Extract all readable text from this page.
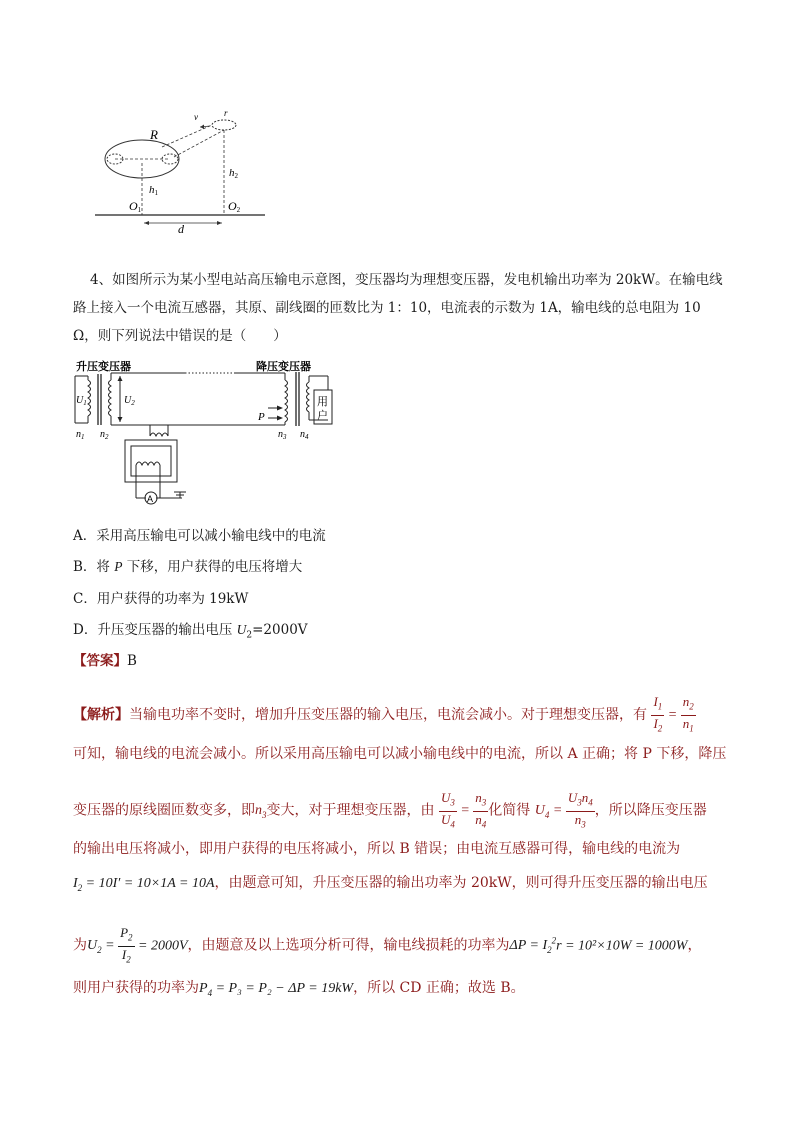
R
v	r
h1
h2
O1	O2
d
4、如图所示为某小型电站高压输电示意图，变压器均为理想变压器，发电机输出功率为 20kW。在输电线
路上接入一个电流互感器，其原、副线圈的匝数比为 1：10，电流表的示数为 1A，输电线的总电阻为 10
Ω，则下列说法中错误的是（　　）
升压变压器	降压变压器
$U_1$	$U_2$
$n_1$ $n_2$	$n_3$ $n_4$
P
用
户
A
A．采用高压输电可以减小输电线中的电流
B．将 P 下移，用户获得的电压将增大
C．用户获得的功率为 19kW
D．升压变压器的输出电压 $U_2=2000V$
【答案】B
【解析】当输电功率不变时，增加升压变压器的输入电压，电流会减小。对于理想变压器，有 $\frac{I_1}{I_2} = \frac{n_2}{n_1}$
可知，输电线的电流会减小。所以采用高压输电可以减小输电线中的电流，所以 A 正确；将 P 下移，降压
变压器的原线圈匝数变多，即$n_3$变大，对于理想变压器，由 $\frac{U_3}{U_4} = \frac{n_3}{n_4}$ 化简得 $U_4 = \frac{U_3n_4}{n_3}$ ，所以降压变压器
的输出电压将减小，即用户获得的电压将减小，所以 B 错误；由电流互感器可得，输电线的电流为
$I_2 = 10I' = 10\times 1A = 10A$，由题意可知，升压变压器的输出功率为 20kW，则可得升压变压器的输出电压
为$U_2 = \frac{P_2}{I_2} = 2000V$，由题意及以上选项分析可得，输电线损耗的功率为$\Delta P = I_2^2r = 10^2\times 10W = 1000W$，
则用户获得的功率为$P_4 = P_3 = P_2 - \Delta P = 19kW$，所以 CD 正确；故选 B。
